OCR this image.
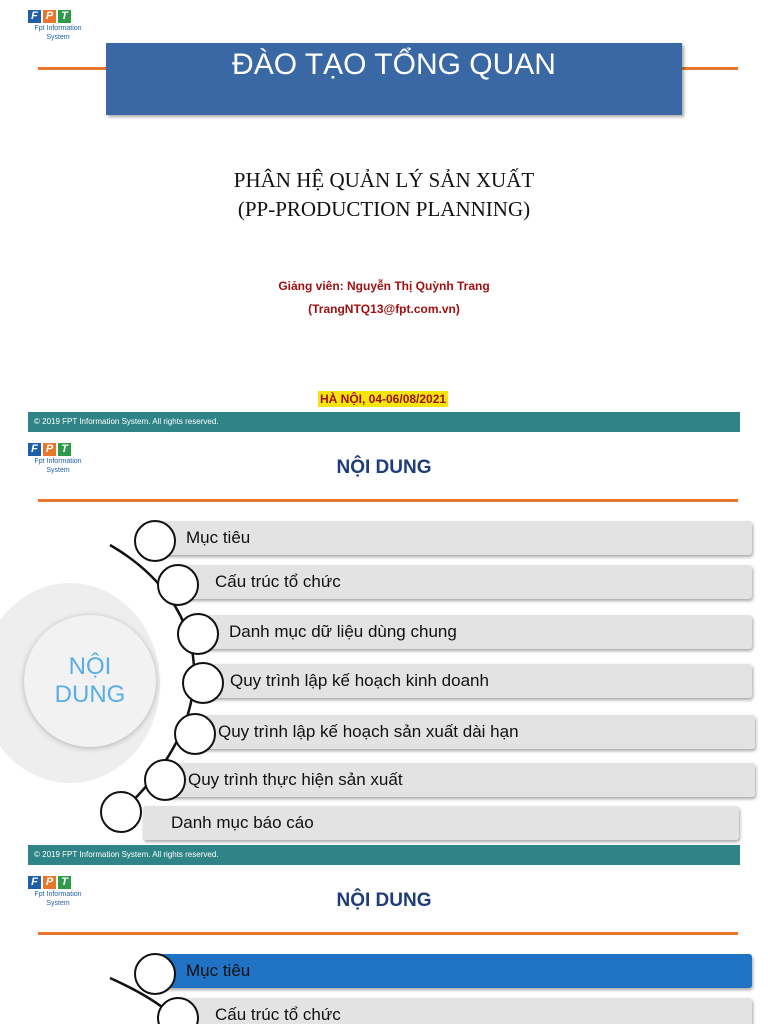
F P T
Fpt Information
System
ĐÀO TẠO TỔNG QUAN
PHÂN HỆ QUẢN LÝ SẢN XUẤT
(PP-PRODUCTION PLANNING)
Giảng viên: Nguyễn Thị Quỳnh Trang
(TrangNTQ13@fpt.com.vn)
HÀ NỘI, 04-06/08/2021
© 2019 FPT Information System. All rights reserved.
F P T
Fpt Information
System	NỘI DUNG
NỘI
DUNG
Mục tiêu
Cấu trúc tổ chức
Danh mục dữ liệu dùng chung
Quy trình lập kế hoạch kinh doanh
Quy trình lập kế hoạch sản xuất dài hạn
Quy trình thực hiện sản xuất
Danh mục báo cáo
© 2019 FPT Information System. All rights reserved.
F P T
Fpt Information
System	NỘI DUNG
Mục tiêu
Cấu trúc tổ chức
